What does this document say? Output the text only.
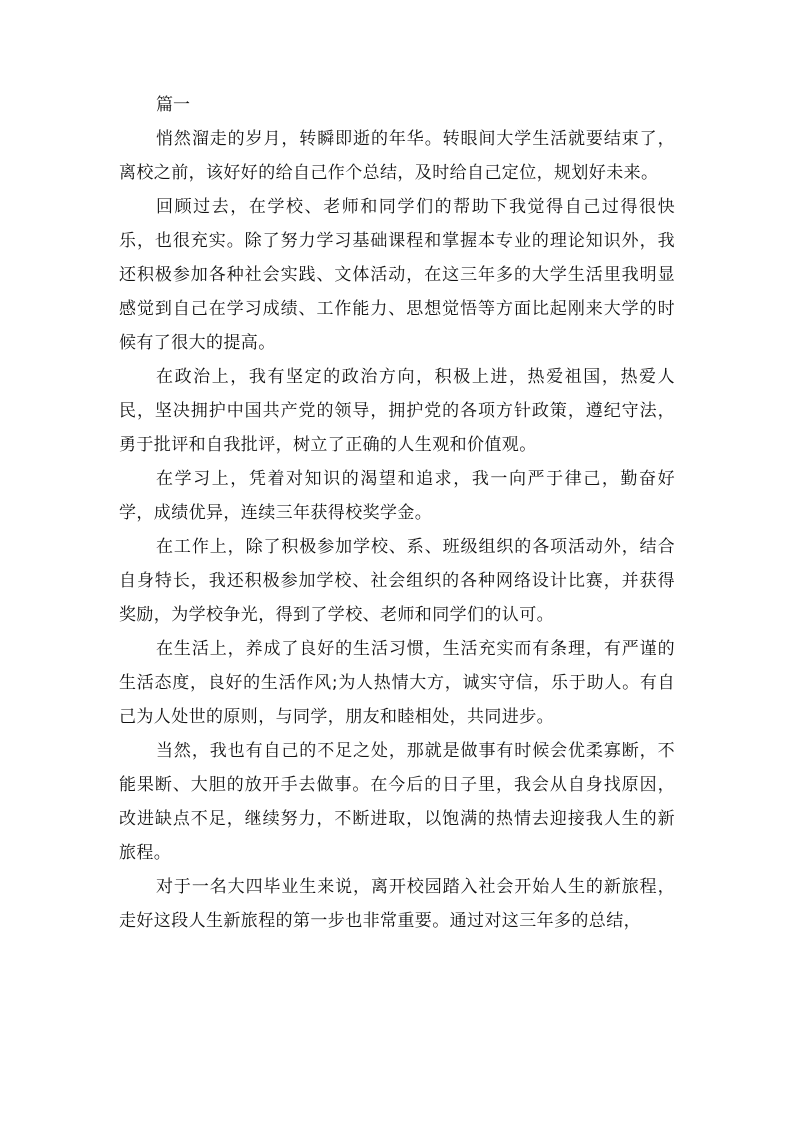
篇一

悄然溜走的岁月，转瞬即逝的年华。转眼间大学生活就要结束了，离校之前，该好好的给自己作个总结，及时给自己定位，规划好未来。

回顾过去，在学校、老师和同学们的帮助下我觉得自己过得很快乐，也很充实。除了努力学习基础课程和掌握本专业的理论知识外，我还积极参加各种社会实践、文体活动，在这三年多的大学生活里我明显感觉到自己在学习成绩、工作能力、思想觉悟等方面比起刚来大学的时候有了很大的提高。

在政治上，我有坚定的政治方向，积极上进，热爱祖国，热爱人民，坚决拥护中国共产党的领导，拥护党的各项方针政策，遵纪守法，勇于批评和自我批评，树立了正确的人生观和价值观。

在学习上，凭着对知识的渴望和追求，我一向严于律己，勤奋好学，成绩优异，连续三年获得校奖学金。

在工作上，除了积极参加学校、系、班级组织的各项活动外，结合自身特长，我还积极参加学校、社会组织的各种网络设计比赛，并获得奖励，为学校争光，得到了学校、老师和同学们的认可。

在生活上，养成了良好的生活习惯，生活充实而有条理，有严谨的生活态度，良好的生活作风;为人热情大方，诚实守信，乐于助人。有自己为人处世的原则，与同学，朋友和睦相处，共同进步。

当然，我也有自己的不足之处，那就是做事有时候会优柔寡断，不能果断、大胆的放开手去做事。在今后的日子里，我会从自身找原因，改进缺点不足，继续努力，不断进取，以饱满的热情去迎接我人生的新旅程。

对于一名大四毕业生来说，离开校园踏入社会开始人生的新旅程，走好这段人生新旅程的第一步也非常重要。通过对这三年多的总结，
